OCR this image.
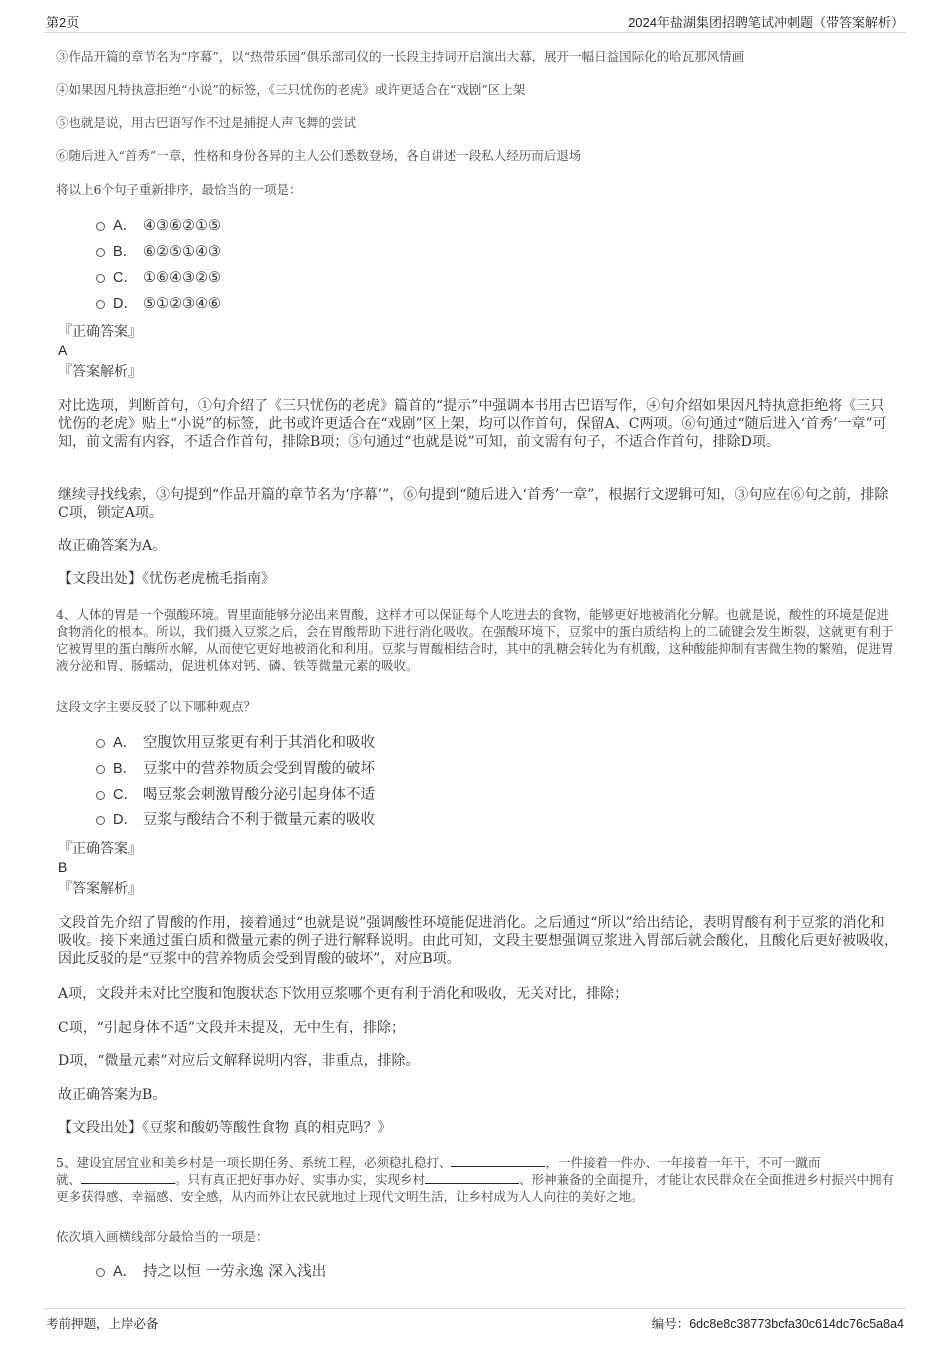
第2页	2024年盐湖集团招聘笔试冲刺题（带答案解析）
③作品开篇的章节名为“序幕”，以“热带乐园”俱乐部司仪的一长段主持词开启演出大幕，展开一幅日益国际化的哈瓦那风情画
④如果因凡特执意拒绝“小说”的标签，《三只忧伤的老虎》或许更适合在“戏剧”区上架
⑤也就是说，用古巴语写作不过是捕捉人声飞舞的尝试
⑥随后进入“首秀”一章，性格和身份各异的主人公们悉数登场，各自讲述一段私人经历而后退场
将以上6个句子重新排序，最恰当的一项是：
A． ④③⑥②①⑤
B． ⑥②⑤①④③
C． ①⑥④③②⑤
D． ⑤①②③④⑥
『正确答案』
A
『答案解析』
对比选项，判断首句，①句介绍了《三只忧伤的老虎》篇首的“提示”中强调本书用古巴语写作，④句介绍如果因凡特执意拒绝将《三只忧伤的老虎》贴上“小说”的标签，此书或许更适合在“戏剧”区上架，均可以作首句，保留A、C两项。⑥句通过“随后进入‘首秀’一章”可知，前文需有内容，不适合作首句，排除B项；⑤句通过“也就是说”可知，前文需有句子，不适合作首句，排除D项。
继续寻找线索，③句提到“作品开篇的章节名为‘序幕’”，⑥句提到“随后进入‘首秀’一章”，根据行文逻辑可知，③句应在⑥句之前，排除C项，锁定A项。
故正确答案为A。
【文段出处】《忧伤老虎梳毛指南》
4、人体的胃是一个强酸环境。胃里面能够分泌出来胃酸，这样才可以保证每个人吃进去的食物，能够更好地被消化分解。也就是说，酸性的环境是促进食物消化的根本。所以，我们摄入豆浆之后，会在胃酸帮助下进行消化吸收。在强酸环境下，豆浆中的蛋白质结构上的二硫键会发生断裂，这就更有利于它被胃里的蛋白酶所水解，从而使它更好地被消化和利用。豆浆与胃酸相结合时，其中的乳糖会转化为有机酸，这种酸能抑制有害微生物的繁殖，促进胃液分泌和胃、肠蠕动，促进机体对钙、磷、铁等微量元素的吸收。
这段文字主要反驳了以下哪种观点？
A． 空腹饮用豆浆更有利于其消化和吸收
B． 豆浆中的营养物质会受到胃酸的破坏
C． 喝豆浆会刺激胃酸分泌引起身体不适
D． 豆浆与酸结合不利于微量元素的吸收
『正确答案』
B
『答案解析』
文段首先介绍了胃酸的作用，接着通过“也就是说”强调酸性环境能促进消化。之后通过“所以”给出结论，表明胃酸有利于豆浆的消化和吸收。接下来通过蛋白质和微量元素的例子进行解释说明。由此可知，文段主要想强调豆浆进入胃部后就会酸化，且酸化后更好被吸收，因此反驳的是“豆浆中的营养物质会受到胃酸的破坏”，对应B项。
A项，文段并未对比空腹和饱腹状态下饮用豆浆哪个更有利于消化和吸收，无关对比，排除；
C项，“引起身体不适”文段并未提及，无中生有，排除；
D项，“微量元素”对应后文解释说明内容，非重点，排除。
故正确答案为B。
【文段出处】《豆浆和酸奶等酸性食物 真的相克吗？》
5、建设宜居宜业和美乡村是一项长期任务、系统工程，必须稳扎稳打、	，一件接着一件办、一年接着一年干，不可一蹴而
就、	。只有真正把好事办好、实事办实，实现乡村	、形神兼备的全面提升，才能让农民群众在全面推进乡村振兴中拥有更多获得感、幸福感、安全感，从内而外让农民就地过上现代文明生活，让乡村成为人人向往的美好之地。
依次填入画横线部分最恰当的一项是：
A． 持之以恒 一劳永逸 深入浅出
考前押题，上岸必备	编号：6dc8e8c38773bcfa30c614dc76c5a8a4
